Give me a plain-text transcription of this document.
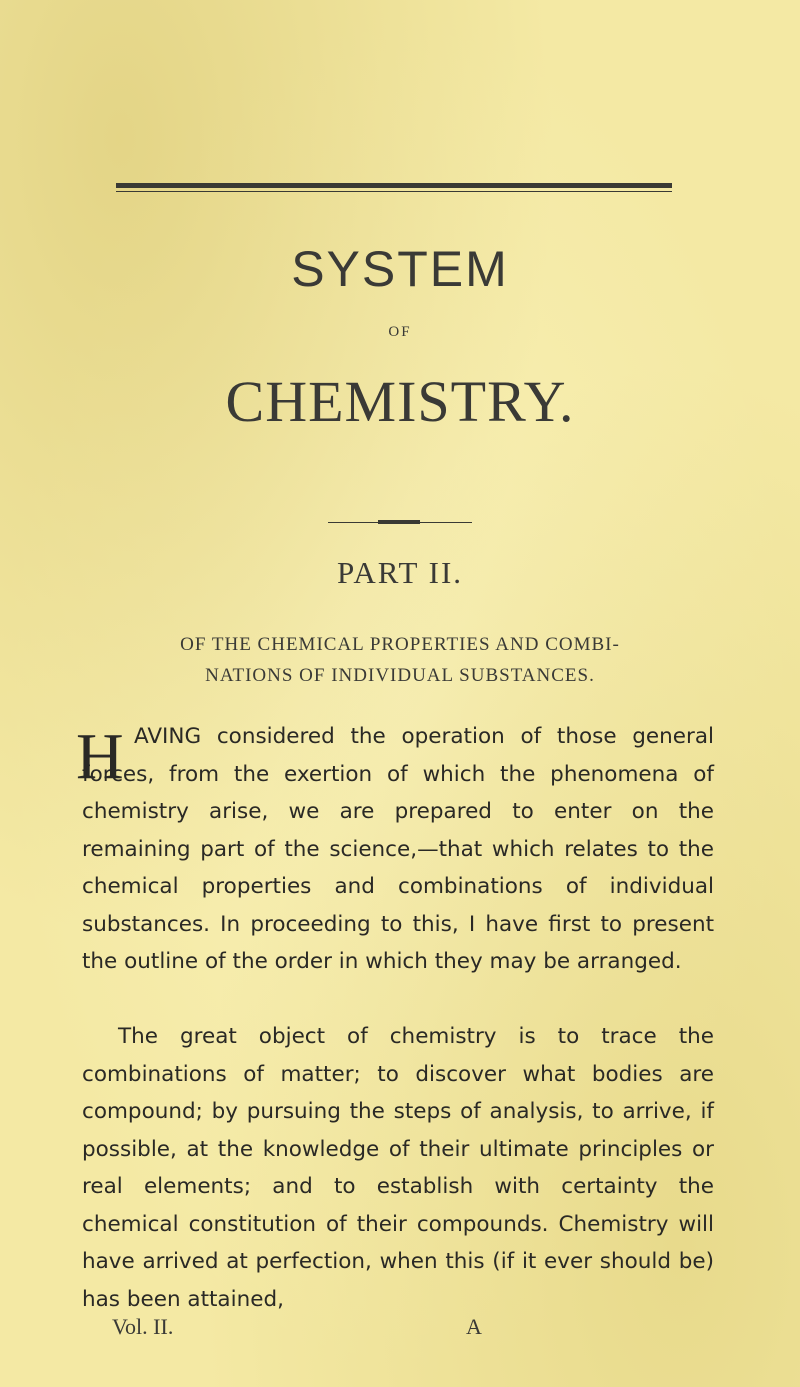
SYSTEM
OF
CHEMISTRY.
PART II.
OF THE CHEMICAL PROPERTIES AND COMBI-
NATIONS OF INDIVIDUAL SUBSTANCES.
H AVING considered the operation of those general forces, from the exertion of which the phenomena of chemistry arise, we are prepared to enter on the remaining part of the science,—that which relates to the chemical properties and combinations of individual substances. In proceeding to this, I have first to present the outline of the order in which they may be arranged.

The great object of chemistry is to trace the combinations of matter; to discover what bodies are compound; by pursuing the steps of analysis, to arrive, if possible, at the knowledge of their ultimate principles or real elements; and to establish with certainty the chemical constitution of their compounds. Chemistry will have arrived at perfection, when this (if it ever should be) has been attained,

Vol. II.	A
